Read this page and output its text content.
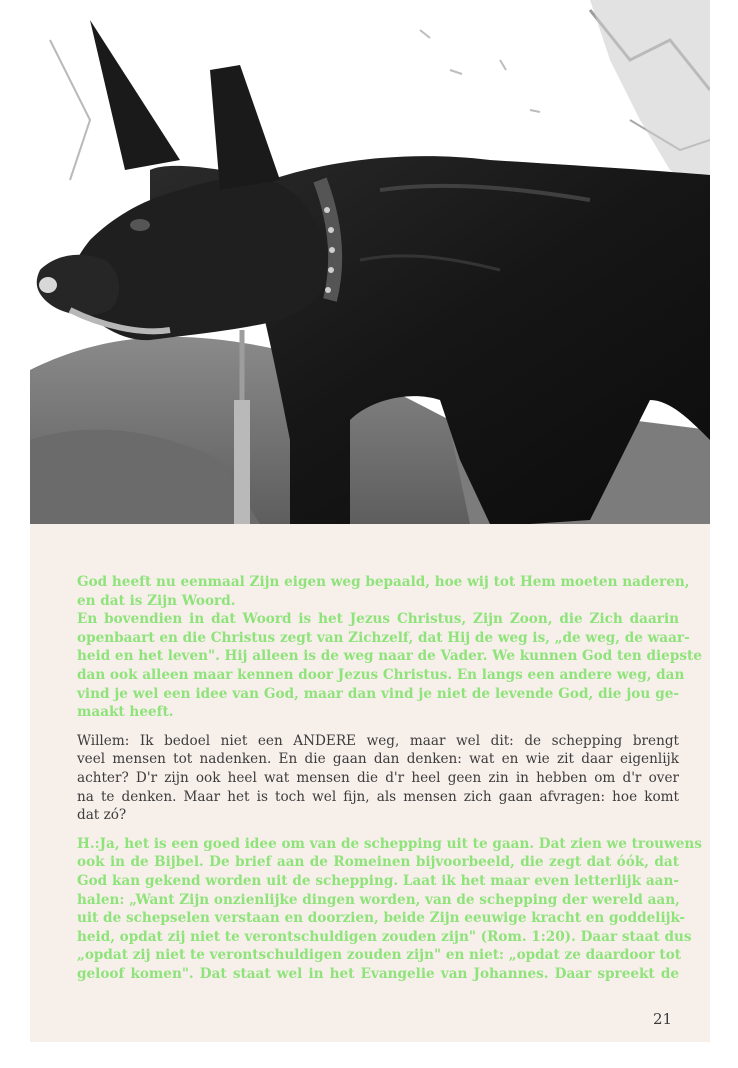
God heeft nu eenmaal Zijn eigen weg bepaald, hoe wij tot Hem moeten naderen,
en dat is Zijn Woord.

En bovendien in dat Woord is het Jezus Christus, Zijn Zoon, die Zich daarin
openbaart en die Christus zegt van Zichzelf, dat Hij de weg is, „de weg, de waar-
heid en het leven". Hij alleen is de weg naar de Vader. We kunnen God ten diepste
dan ook alleen maar kennen door Jezus Christus. En langs een andere weg, dan
vind je wel een idee van God, maar dan vind je niet de levende God, die jou ge-
maakt heeft.

Willem: Ik bedoel niet een ANDERE weg, maar wel dit: de schepping brengt
veel mensen tot nadenken. En die gaan dan denken: wat en wie zit daar eigenlijk
achter? D'r zijn ook heel wat mensen die d'r heel geen zin in hebben om d'r over
na te denken. Maar het is toch wel fijn, als mensen zich gaan afvragen: hoe komt
dat zó?

H.:Ja, het is een goed idee om van de schepping uit te gaan. Dat zien we trouwens
ook in de Bijbel. De brief aan de Romeinen bijvoorbeeld, die zegt dat óók, dat
God kan gekend worden uit de schepping. Laat ik het maar even letterlijk aan-
halen: „Want Zijn onzienlijke dingen worden, van de schepping der wereld aan,
uit de schepselen verstaan en doorzien, beide Zijn eeuwige kracht en goddelijk-
heid, opdat zij niet te verontschuldigen zouden zijn" (Rom. 1:20). Daar staat dus
„opdat zij niet te verontschuldigen zouden zijn" en niet: „opdat ze daardoor tot
geloof komen". Dat staat wel in het Evangelie van Johannes. Daar spreekt de

21
